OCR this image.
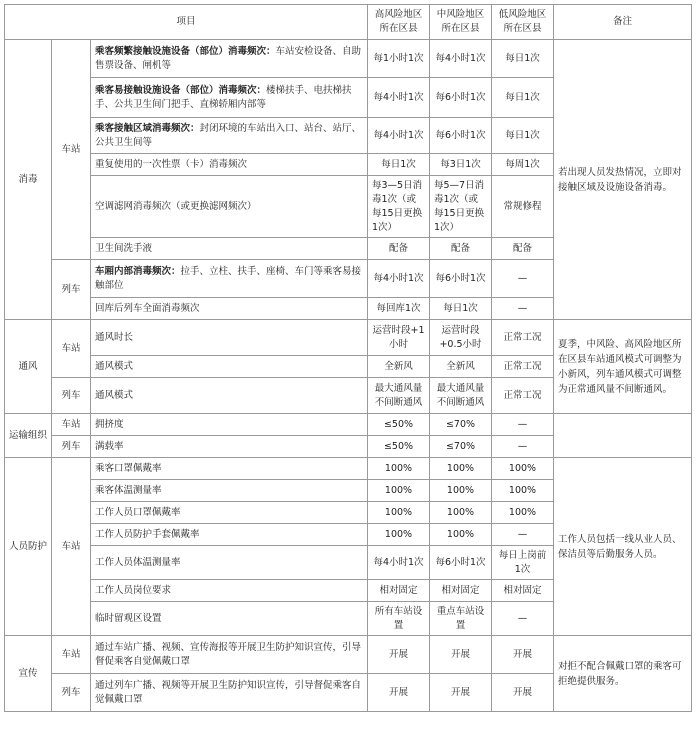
项目			高风险地区所在区县	中风险地区所在区县	低风险地区所在区县	备注
消毒	车站	乘客频繁接触设施设备（部位）消毒频次：车站安检设备、自助售票设备、闸机等	每1小时1次	每4小时1次	每日1次	若出现人员发热情况，立即对接触区域及设施设备消毒。
		乘客易接触设施设备（部位）消毒频次：楼梯扶手、电扶梯扶手、公共卫生间门把手、直梯轿厢内部等	每4小时1次	每6小时1次	每日1次	
		乘客接触区域消毒频次：封闭环境的车站出入口、站台、站厅、公共卫生间等	每4小时1次	每6小时1次	每日1次	
		重复使用的一次性票（卡）消毒频次	每日1次	每3日1次	每周1次	
		空调滤网消毒频次（或更换滤网频次）	每3—5日消毒1次（或每15日更换1次）	每5—7日消毒1次（或每15日更换1次）	常规修程	
		卫生间洗手液	配备	配备	配备	
	列车	车厢内部消毒频次：拉手、立柱、扶手、座椅、车门等乘客易接触部位	每4小时1次	每6小时1次	—	
		回库后列车全面消毒频次	每回库1次	每日1次	—	
通风	车站	通风时长	运营时段+1小时	运营时段+0.5小时	正常工况	夏季，中风险、高风险地区所在区县车站通风模式可调整为小新风，列车通风模式可调整为正常通风量不间断通风。
		通风模式	全新风	全新风	正常工况	
	列车	通风模式	最大通风量不间断通风	最大通风量不间断通风	正常工况	
运输组织	车站	拥挤度	≤50%	≤70%	—	
	列车	满载率	≤50%	≤70%	—	
人员防护	车站	乘客口罩佩戴率	100%	100%	100%	工作人员包括一线从业人员、保洁员等后勤服务人员。
		乘客体温测量率	100%	100%	100%	
		工作人员口罩佩戴率	100%	100%	100%	
		工作人员防护手套佩戴率	100%	100%	—	
		工作人员体温测量率	每4小时1次	每6小时1次	每日上岗前1次	
		工作人员岗位要求	相对固定	相对固定	相对固定	
		临时留观区设置	所有车站设置	重点车站设置	—	
宣传	车站	通过车站广播、视频、宣传海报等开展卫生防护知识宣传，引导督促乘客自觉佩戴口罩	开展	开展	开展	对拒不配合佩戴口罩的乘客可拒绝提供服务。
	列车	通过列车广播、视频等开展卫生防护知识宣传，引导督促乘客自觉佩戴口罩	开展	开展	开展	
